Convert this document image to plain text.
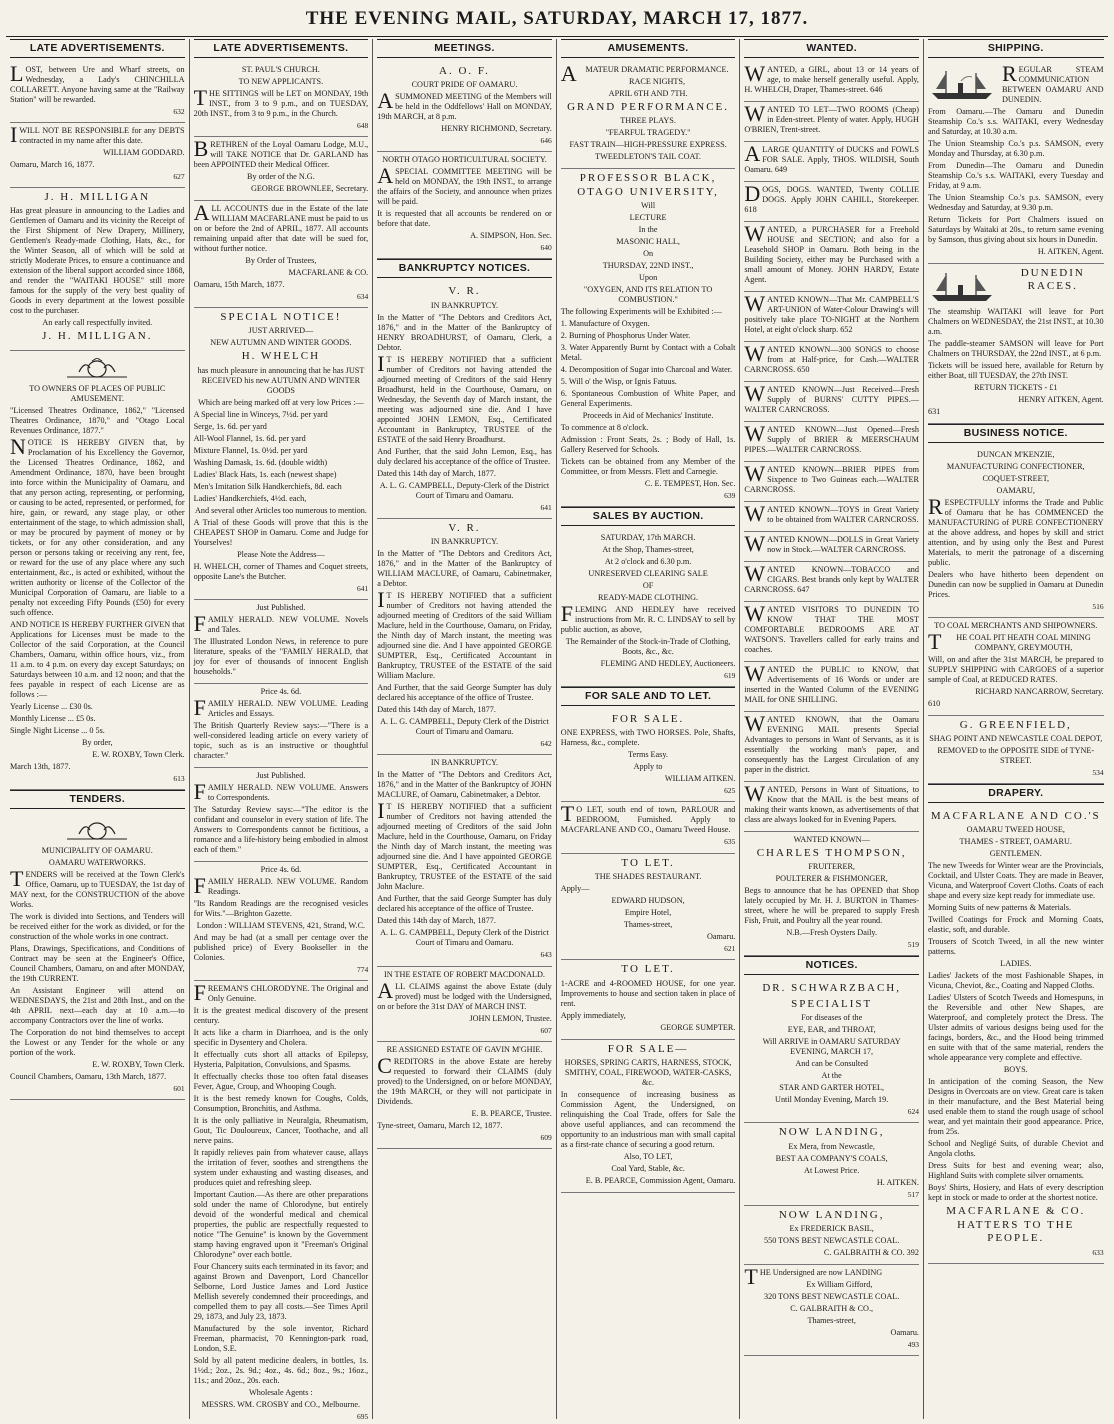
THE EVENING MAIL, SATURDAY, MARCH 17, 1877.
LATE ADVERTISEMENTS.

LOST, between Ure and Wharf streets, on Wednesday, a Lady's CHINCHILLA COLLARETT. Anyone having same at the "Railway Station" will be rewarded.

632

IWILL NOT BE RESPONSIBLE for any DEBTS contracted in my name after this date.

WILLIAM GODDARD.

Oamaru, March 16, 1877.

627

J. H. MILLIGAN

Has great pleasure in announcing to the Ladies and Gentlemen of Oamaru and its vicinity the Receipt of the First Shipment of New Drapery, Millinery, Gentlemen's Ready-made Clothing, Hats, &c., for the Winter Season, all of which will be sold at strictly Moderate Prices, to ensure a continuance and extension of the liberal support accorded since 1868, and render the "WAITAKI HOUSE" still more famous for the supply of the very best quality of Goods in every department at the lowest possible cost to the purchaser.

An early call respectfully invited.

J. H. MILLIGAN.

TO OWNERS OF PLACES OF PUBLIC AMUSEMENT.

"Licensed Theatres Ordinance, 1862," "Licensed Theatres Ordinance, 1870," and "Otago Local Revenues Ordinance, 1877."

NOTICE IS HEREBY GIVEN that, by Proclamation of his Excellency the Governor, the Licensed Theatres Ordinance, 1862, and Amendment Ordinance, 1870, have been brought into force within the Municipality of Oamaru, and that any person acting, representing, or performing, or causing to be acted, represented, or performed, for hire, gain, or reward, any stage play, or other entertainment of the stage, to which admission shall, or may be procured by payment of money or by tickets, or for any other consideration, and any person or persons taking or receiving any rent, fee, or reward for the use of any place where any such entertainment, &c., is acted or exhibited, without the written authority or license of the Collector of the Municipal Corporation of Oamaru, are liable to a penalty not exceeding Fifty Pounds (£50) for every such offence.

AND NOTICE IS HEREBY FURTHER GIVEN that Applications for Licenses must be made to the Collector of the said Corporation, at the Council Chambers, Oamaru, within office hours, viz., from 11 a.m. to 4 p.m. on every day except Saturdays; on Saturdays between 10 a.m. and 12 noon; and that the fees payable in respect of each License are as follows :—

Yearly License ... £30 0s.

Monthly License ... £5 0s.

Single Night License ... 0 5s.

By order,

E. W. ROXBY, Town Clerk.

March 13th, 1877.

613

TENDERS.

MUNICIPALITY OF OAMARU.

OAMARU WATERWORKS.

TENDERS will be received at the Town Clerk's Office, Oamaru, up to TUESDAY, the 1st day of MAY next, for the CONSTRUCTION of the above Works.

The work is divided into Sections, and Tenders will be received either for the work as divided, or for the construction of the whole works in one contract.

Plans, Drawings, Specifications, and Conditions of Contract may be seen at the Engineer's Office, Council Chambers, Oamaru, on and after MONDAY, the 19th CURRENT.

An Assistant Engineer will attend on WEDNESDAYS, the 21st and 28th Inst., and on the 4th APRIL next—each day at 10 a.m.—to accompany Contractors over the line of works.

The Corporation do not bind themselves to accept the Lowest or any Tender for the whole or any portion of the work.

E. W. ROXBY, Town Clerk.

Council Chambers, Oamaru, 13th March, 1877.

601

LATE ADVERTISEMENTS.

ST. PAUL'S CHURCH.

TO NEW APPLICANTS.

THE SITTINGS will be LET on MONDAY, 19th INST., from 3 to 9 p.m., and on TUESDAY, 20th INST., from 3 to 9 p.m., in the Church.

648

BRETHREN of the Loyal Oamaru Lodge, M.U., will TAKE NOTICE that Dr. GARLAND has been APPOINTED their Medical Officer.

By order of the N.G.

GEORGE BROWNLEE, Secretary.

ALL ACCOUNTS due in the Estate of the late WILLIAM MACFARLANE must be paid to us on or before the 2nd of APRIL, 1877. All accounts remaining unpaid after that date will be sued for, without further notice.

By Order of Trustees,

MACFARLANE & CO.

Oamaru, 15th March, 1877.

634

SPECIAL NOTICE!

JUST ARRIVED—

NEW AUTUMN AND WINTER GOODS.

H. WHELCH

has much pleasure in announcing that he has JUST RECEIVED his new AUTUMN AND WINTER GOODS

Which are being marked off at very low Prices :—

A Special line in Winceys, 7½d. per yard

Serge, 1s. 6d. per yard

All-Wool Flannel, 1s. 6d. per yard

Mixture Flannel, 1s. 0½d. per yard

Washing Damask, 1s. 6d. (double width)

Ladies' Black Hats, 1s. each (newest shape)

Men's Imitation Silk Handkerchiefs, 8d. each

Ladies' Handkerchiefs, 4½d. each,

And several other Articles too numerous to mention.

A Trial of these Goods will prove that this is the CHEAPEST SHOP in Oamaru. Come and Judge for Yourselves!

Please Note the Address—

H. WHELCH, corner of Thames and Coquet streets, opposite Lane's the Butcher.

641

Just Published.

FAMILY HERALD. NEW VOLUME. Novels and Tales.

The Illustrated London News, in reference to pure literature, speaks of the "FAMILY HERALD, that joy for ever of thousands of innocent English households."

Price 4s. 6d.

FAMILY HERALD. NEW VOLUME. Leading Articles and Essays.

The British Quarterly Review says:—"There is a well-considered leading article on every variety of topic, such as is an instructive or thoughtful character."

Just Published.

FAMILY HERALD. NEW VOLUME. Answers to Correspondents.

The Saturday Review says:—"The editor is the confidant and counselor in every station of life. The Answers to Correspondents cannot be fictitious, a romance and a life-history being embodied in almost each of them."

Price 4s. 6d.

FAMILY HERALD. NEW VOLUME. Random Readings.

"Its Random Readings are the recognised vesicles for Wits."—Brighton Gazette.

London : WILLIAM STEVENS, 421, Strand, W.C.

And may be had (at a small per centage over the published price) of Every Bookseller in the Colonies.

774

FREEMAN'S CHLORODYNE. The Original and Only Genuine.

It is the greatest medical discovery of the present century.

It acts like a charm in Diarrhoea, and is the only specific in Dysentery and Cholera.

It effectually cuts short all attacks of Epilepsy, Hysteria, Palpitation, Convulsions, and Spasms.

It effectually checks those too often fatal diseases Fever, Ague, Croup, and Whooping Cough.

It is the best remedy known for Coughs, Colds, Consumption, Bronchitis, and Asthma.

It is the only palliative in Neuralgia, Rheumatism, Gout, Tic Douloureux, Cancer, Toothache, and all nerve pains.

It rapidly relieves pain from whatever cause, allays the irritation of fever, soothes and strengthens the system under exhausting and wasting diseases, and produces quiet and refreshing sleep.

Important Caution.—As there are other preparations sold under the name of Chlorodyne, but entirely devoid of the wonderful medical and chemical properties, the public are respectfully requested to notice "The Genuine" is known by the Government stamp having engraved upon it "Freeman's Original Chlorodyne" over each bottle.

Four Chancery suits each terminated in its favor; and against Brown and Davenport, Lord Chancellor Selborne, Lord Justice James and Lord Justice Mellish severely condemned their proceedings, and compelled them to pay all costs.—See Times April 29, 1873, and July 23, 1873.

Manufactured by the sole inventor, Richard Freeman, pharmacist, 70 Kennington-park road, London, S.E.

Sold by all patent medicine dealers, in bottles, 1s. 1½d.; 2oz., 2s. 9d.; 4oz., 4s. 6d.; 8oz., 9s.; 16oz., 11s.; and 20oz., 20s. each.

Wholesale Agents :

MESSRS. WM. CROSBY and CO., Melbourne.

695

MEETINGS.

A. O. F.

COURT PRIDE OF OAMARU.

ASUMMONED MEETING of the Members will be held in the Oddfellows' Hall on MONDAY, 19th MARCH, at 8 p.m.

HENRY RICHMOND, Secretary.

646

NORTH OTAGO HORTICULTURAL SOCIETY.

ASPECIAL COMMITTEE MEETING will be held on MONDAY, the 19th INST., to arrange the affairs of the Society, and announce when prizes will be paid.

It is requested that all accounts be rendered on or before that date.

A. SIMPSON, Hon. Sec.

640

BANKRUPTCY NOTICES.

V. R.

IN BANKRUPTCY.

In the Matter of "The Debtors and Creditors Act, 1876," and in the Matter of the Bankruptcy of HENRY BROADHURST, of Oamaru, Clerk, a Debtor.

IT IS HEREBY NOTIFIED that a sufficient number of Creditors not having attended the adjourned meeting of Creditors of the said Henry Broadhurst, held in the Courthouse, Oamaru, on Wednesday, the Seventh day of March instant, the meeting was adjourned sine die. And I have appointed JOHN LEMON, Esq., Certificated Accountant in Bankruptcy, TRUSTEE of the ESTATE of the said Henry Broadhurst.

And Further, that the said John Lemon, Esq., has duly declared his acceptance of the office of Trustee.

Dated this 14th day of March, 1877.

A. L. G. CAMPBELL, Deputy-Clerk of the District Court of Timaru and Oamaru.

641

V. R.

IN BANKRUPTCY.

In the Matter of "The Debtors and Creditors Act, 1876," and in the Matter of the Bankruptcy of WILLIAM MACLURE, of Oamaru, Cabinetmaker, a Debtor.

IT IS HEREBY NOTIFIED that a sufficient number of Creditors not having attended the adjourned meeting of Creditors of the said William Maclure, held in the Courthouse, Oamaru, on Friday, the Ninth day of March instant, the meeting was adjourned sine die. And I have appointed GEORGE SUMPTER, Esq., Certificated Accountant in Bankruptcy, TRUSTEE of the ESTATE of the said William Maclure.

And Further, that the said George Sumpter has duly declared his acceptance of the office of Trustee.

Dated this 14th day of March, 1877.

A. L. G. CAMPBELL, Deputy Clerk of the District Court of Timaru and Oamaru.

642

IN BANKRUPTCY.

In the Matter of "The Debtors and Creditors Act, 1876," and in the Matter of the Bankruptcy of JOHN MACLURE, of Oamaru, Cabinetmaker, a Debtor.

IT IS HEREBY NOTIFIED that a sufficient number of Creditors not having attended the adjourned meeting of Creditors of the said John Maclure, held in the Courthouse, Oamaru, on Friday the Ninth day of March instant, the meeting was adjourned sine die. And I have appointed GEORGE SUMPTER, Esq., Certificated Accountant in Bankruptcy, TRUSTEE of the ESTATE of the said John Maclure.

And Further, that the said George Sumpter has duly declared his acceptance of the office of Trustee.

Dated this 14th day of March, 1877.

A. L. G. CAMPBELL, Deputy Clerk of the District Court of Timaru and Oamaru.

643

IN THE ESTATE OF ROBERT MACDONALD.

ALL CLAIMS against the above Estate (duly proved) must be lodged with the Undersigned, on or before the 31st DAY of MARCH INST.

JOHN LEMON, Trustee.

607

RE ASSIGNED ESTATE OF GAVIN M'GHIE.

CREDITORS in the above Estate are hereby requested to forward their CLAIMS (duly proved) to the Undersigned, on or before MONDAY, the 19th MARCH, or they will not participate in Dividends.

E. B. PEARCE, Trustee.

Tyne-street, Oamaru, March 12, 1877.

609

AMUSEMENTS.

AMATEUR DRAMATIC PERFORMANCE.

RACE NIGHTS,

APRIL 6TH AND 7TH.

GRAND PERFORMANCE.

THREE PLAYS.

"FEARFUL TRAGEDY."

FAST TRAIN—HIGH-PRESSURE EXPRESS.

TWEEDLETON'S TAIL COAT.

PROFESSOR BLACK, OTAGO UNIVERSITY,

Will

LECTURE

In the

MASONIC HALL,

On

THURSDAY, 22ND INST.,

Upon

"OXYGEN, AND ITS RELATION TO COMBUSTION."

The following Experiments will be Exhibited :—

1. Manufacture of Oxygen.

2. Burning of Phosphorus Under Water.

3. Water Apparently Burnt by Contact with a Cobalt Metal.

4. Decomposition of Sugar into Charcoal and Water.

5. Will o' the Wisp, or Ignis Fatuus.

6. Spontaneous Combustion of White Paper, and General Experiments.

Proceeds in Aid of Mechanics' Institute.

To commence at 8 o'clock.

Admission : Front Seats, 2s. ; Body of Hall, 1s. Gallery Reserved for Schools.

Tickets can be obtained from any Member of the Committee, or from Messrs. Flett and Carnegie.

C. E. TEMPEST, Hon. Sec.

639

SALES BY AUCTION.

SATURDAY, 17th MARCH.

At the Shop, Thames-street,

At 2 o'clock and 6.30 p.m.

UNRESERVED CLEARING SALE

OF

READY-MADE CLOTHING.

FLEMING AND HEDLEY have received instructions from Mr. R. C. LINDSAY to sell by public auction, as above,

The Remainder of the Stock-in-Trade of Clothing, Boots, &c., &c.

FLEMING AND HEDLEY, Auctioneers.

619

FOR SALE AND TO LET.

FOR SALE.

ONE EXPRESS, with TWO HORSES. Pole, Shafts, Harness, &c., complete.

Terms Easy.

Apply to

WILLIAM AITKEN.

625

TO LET, south end of town, PARLOUR and BEDROOM, Furnished. Apply to MACFARLANE AND CO., Oamaru Tweed House.

635

TO LET.

THE SHADES RESTAURANT.

Apply—

EDWARD HUDSON,

Empire Hotel,

Thames-street,

Oamaru.

621

TO LET.

1-ACRE and 4-ROOMED HOUSE, for one year. Improvements to house and section taken in place of rent.

Apply immediately,

GEORGE SUMPTER.

FOR SALE—

HORSES, SPRING CARTS, HARNESS, STOCK, SMITHY, COAL, FIREWOOD, WATER-CASKS, &c.

In consequence of increasing business as Commission Agent, the Undersigned, on relinquishing the Coal Trade, offers for Sale the above useful appliances, and can recommend the opportunity to an industrious man with small capital as a first-rate chance of securing a good return.

Also, TO LET,

Coal Yard, Stable, &c.

E. B. PEARCE, Commission Agent, Oamaru.

WANTED.

WANTED, a GIRL, about 13 or 14 years of age, to make herself generally useful. Apply, H. WHELCH, Draper, Thames-street. 646

WANTED TO LET—TWO ROOMS (Cheap) in Eden-street. Plenty of water. Apply, HUGH O'BRIEN, Trent-street.

ALARGE QUANTITY of DUCKS and FOWLS FOR SALE. Apply, THOS. WILDISH, South Oamaru. 649

DOGS, DOGS. WANTED, Twenty COLLIE DOGS. Apply JOHN CAHILL, Storekeeper. 618

WANTED, a PURCHASER for a Freehold HOUSE and SECTION; and also for a Leasehold SHOP in Oamaru. Both being in the Building Society, either may be Purchased with a small amount of Money. JOHN HARDY, Estate Agent.

WANTED KNOWN—That Mr. CAMPBELL'S ART-UNION of Water-Colour Drawing's will positively take place TO-NIGHT at the Northern Hotel, at eight o'clock sharp. 652

WANTED KNOWN—300 SONGS to choose from at Half-price, for Cash.—WALTER CARNCROSS. 650

WANTED KNOWN—Just Received—Fresh Supply of BURNS' CUTTY PIPES.—WALTER CARNCROSS.

WANTED KNOWN—Just Opened—Fresh Supply of BRIER & MEERSCHAUM PIPES.—WALTER CARNCROSS.

WANTED KNOWN—BRIER PIPES from Sixpence to Two Guineas each.—WALTER CARNCROSS.

WANTED KNOWN—TOYS in Great Variety to be obtained from WALTER CARNCROSS.

WANTED KNOWN—DOLLS in Great Variety now in Stock.—WALTER CARNCROSS.

WANTED KNOWN—TOBACCO and CIGARS. Best brands only kept by WALTER CARNCROSS. 647

WANTED VISITORS TO DUNEDIN TO KNOW THAT THE MOST COMFORTABLE BEDROOMS ARE AT WATSON'S. Travellers called for early trains and coaches.

WANTED the PUBLIC to KNOW, that Advertisements of 16 Words or under are inserted in the Wanted Column of the EVENING MAIL for ONE SHILLING.

WANTED KNOWN, that the Oamaru EVENING MAIL presents Special Advantages to persons in Want of Servants, as it is essentially the working man's paper, and consequently has the Largest Circulation of any paper in the district.

WANTED, Persons in Want of Situations, to Know that the MAIL is the best means of making their wants known, as advertisements of that class are always looked for in Evening Papers.

WANTED KNOWN—

CHARLES THOMPSON,

FRUITERER,

POULTERER & FISHMONGER,

Begs to announce that he has OPENED that Shop lately occupied by Mr. H. J. BURTON in Thames-street, where he will be prepared to supply Fresh Fish, Fruit, and Poultry all the year round.

N.B.—Fresh Oysters Daily.

519

NOTICES.

DR. SCHWARZBACH,

SPECIALIST

For diseases of the

EYE, EAR, and THROAT,

Will ARRIVE in OAMARU SATURDAY EVENING, MARCH 17,

And can be Consulted

At the

STAR AND GARTER HOTEL,

Until Monday Evening, March 19.

624

NOW LANDING,

Ex Mera, from Newcastle,

BEST AA COMPANY'S COALS,

At Lowest Price.

H. AITKEN.

517

NOW LANDING,

Ex FREDERICK BASIL,

550 TONS BEST NEWCASTLE COAL.

C. GALBRAITH & CO. 392

THE Undersigned are now LANDING

Ex William Gifford,

320 TONS BEST NEWCASTLE COAL.

C. GALBRAITH & CO.,

Thames-street,

Oamaru.

493

SHIPPING.

REGULAR STEAM COMMUNICATION BETWEEN OAMARU AND DUNEDIN.

From Oamaru.—The Oamaru and Dunedin Steamship Co.'s s.s. WAITAKI, every Wednesday and Saturday, at 10.30 a.m.

The Union Steamship Co.'s p.s. SAMSON, every Monday and Thursday, at 6.30 p.m.

From Dunedin—The Oamaru and Dunedin Steamship Co.'s s.s. WAITAKI, every Tuesday and Friday, at 9 a.m.

The Union Steamship Co.'s p.s. SAMSON, every Wednesday and Saturday, at 9.30 p.m.

Return Tickets for Port Chalmers issued on Saturdays by Waitaki at 20s., to return same evening by Samson, thus giving about six hours in Dunedin.

H. AITKEN, Agent.

DUNEDIN RACES.

The steamship WAITAKI will leave for Port Chalmers on WEDNESDAY, the 21st INST., at 10.30 a.m.

The paddle-steamer SAMSON will leave for Port Chalmers on THURSDAY, the 22nd INST., at 6 p.m.

Tickets will be issued here, available for Return by either Boat, till TUESDAY, the 27th INST.

RETURN TICKETS - £1

HENRY AITKEN, Agent.

631

BUSINESS NOTICE.

DUNCAN M'KENZIE,

MANUFACTURING CONFECTIONER,

COQUET-STREET,

OAMARU,

RESPECTFULLY informs the Trade and Public of Oamaru that he has COMMENCED the MANUFACTURING of PURE CONFECTIONERY at the above address, and hopes by skill and strict attention, and by using only the Best and Purest Materials, to merit the patronage of a discerning public.

Dealers who have hitherto been dependent on Dunedin can now be supplied in Oamaru at Dunedin Prices.

516

TO COAL MERCHANTS AND SHIPOWNERS.

THE COAL PIT HEATH COAL MINING COMPANY, GREYMOUTH,

Will, on and after the 31st MARCH, be prepared to SUPPLY SHIPPING with CARGOES of a superior sample of Coal, at REDUCED RATES.

RICHARD NANCARROW, Secretary.

610

G. GREENFIELD,

SHAG POINT AND NEWCASTLE COAL DEPOT,

REMOVED to the OPPOSITE SIDE of TYNE-STREET.

534

DRAPERY.

MACFARLANE AND CO.'S

OAMARU TWEED HOUSE,

THAMES - STREET, OAMARU.

GENTLEMEN.

The new Tweeds for Winter wear are the Provincials, Cocktail, and Ulster Coats. They are made in Beaver, Vicuna, and Waterproof Covert Cloths. Coats of each shape and every size kept ready for immediate use.

Morning Suits of new patterns & Materials.

Twilled Coatings for Frock and Morning Coats, elastic, soft, and durable.

Trousers of Scotch Tweed, in all the new winter patterns.

LADIES.

Ladies' Jackets of the most Fashionable Shapes, in Vicuna, Cheviot, &c., Coating and Napped Cloths.

Ladies' Ulsters of Scotch Tweeds and Homespuns, in the Reversible and other New Shapes, are Waterproof, and completely protect the Dress. The Ulster admits of various designs being used for the facings, borders, &c., and the Hood being trimmed en suite with that of the same material, renders the whole appearance very complete and effective.

BOYS.

In anticipation of the coming Season, the New Designs in Overcoats are on view. Great care is taken in their manufacture, and the Best Material being used enable them to stand the rough usage of school wear, and yet maintain their good appearance. Price, from 25s.

School and Negligé Suits, of durable Cheviot and Angola cloths.

Dress Suits for best and evening wear; also, Highland Suits with complete silver ornaments.

Boys' Shirts, Hosiery, and Hats of every description kept in stock or made to order at the shortest notice.

MACFARLANE & CO. HATTERS TO THE PEOPLE.

633
